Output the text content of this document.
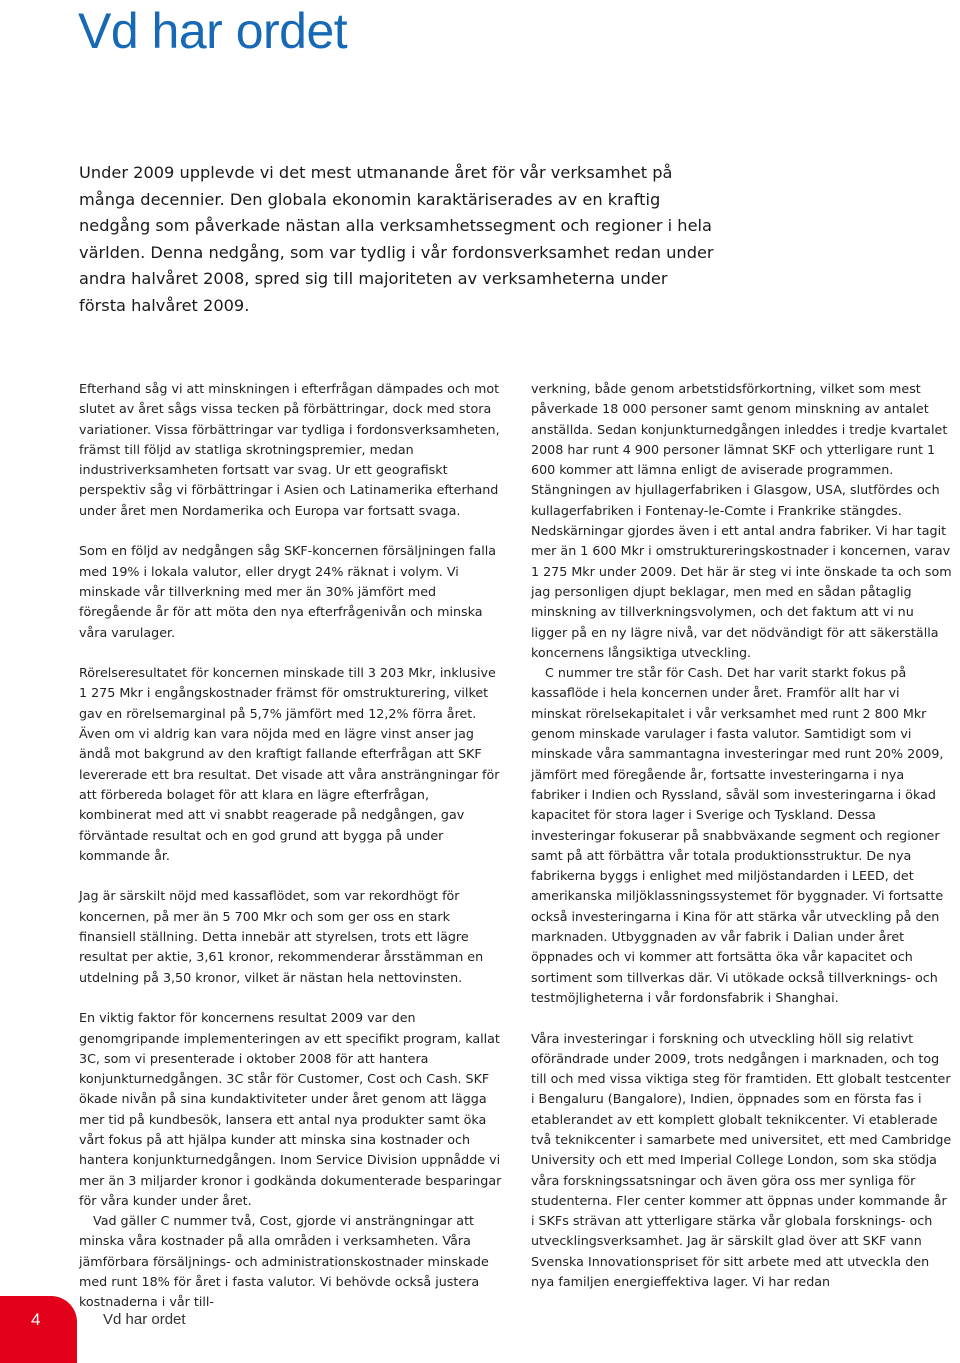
Vd har ordet

Under 2009 upplevde vi det mest utmanande året för vår verksamhet på många decennier. Den globala ekonomin karaktäriserades av en kraftig nedgång som påverkade nästan alla verksamhetssegment och regioner i hela världen. Denna nedgång, som var tydlig i vår fordonsverksamhet redan under andra halvåret 2008, spred sig till majoriteten av verksamheterna under första halvåret 2009.

Efterhand såg vi att minskningen i efterfrågan dämpades och mot slutet av året sågs vissa tecken på förbättringar, dock med stora variationer. Vissa förbättringar var tydliga i fordonsverksamheten, främst till följd av statliga skrotningspremier, medan industriverksamheten fortsatt var svag. Ur ett geografiskt perspektiv såg vi förbättringar i Asien och Latinamerika efterhand under året men Nordamerika och Europa var fortsatt svaga.

Som en följd av nedgången såg SKF-koncernen försäljningen falla med 19% i lokala valutor, eller drygt 24% räknat i volym. Vi minskade vår tillverkning med mer än 30% jämfört med föregående år för att möta den nya efterfrågenivån och minska våra varulager.

Rörelseresultatet för koncernen minskade till 3 203 Mkr, inklusive 1 275 Mkr i engångskostnader främst för omstrukturering, vilket gav en rörelsemarginal på 5,7% jämfört med 12,2% förra året. Även om vi aldrig kan vara nöjda med en lägre vinst anser jag ändå mot bakgrund av den kraftigt fallande efterfrågan att SKF levererade ett bra resultat. Det visade att våra ansträngningar för att förbereda bolaget för att klara en lägre efterfrågan, kombinerat med att vi snabbt reagerade på nedgången, gav förväntade resultat och en god grund att bygga på under kommande år.

Jag är särskilt nöjd med kassaflödet, som var rekordhögt för koncernen, på mer än 5 700 Mkr och som ger oss en stark finansiell ställning. Detta innebär att styrelsen, trots ett lägre resultat per aktie, 3,61 kronor, rekommenderar årsstämman en utdelning på 3,50 kronor, vilket är nästan hela nettovinsten.

En viktig faktor för koncernens resultat 2009 var den genomgripande implementeringen av ett specifikt program, kallat 3C, som vi presenterade i oktober 2008 för att hantera konjunkturnedgången. 3C står för Customer, Cost och Cash. SKF ökade nivån på sina kundaktiviteter under året genom att lägga mer tid på kundbesök, lansera ett antal nya produkter samt öka vårt fokus på att hjälpa kunder att minska sina kostnader och hantera konjunkturnedgången. Inom Service Division uppnådde vi mer än 3 miljarder kronor i godkända dokumenterade besparingar för våra kunder under året.

Vad gäller C nummer två, Cost, gjorde vi ansträngningar att minska våra kostnader på alla områden i verksamheten. Våra jämförbara försäljnings- och administrationskostnader minskade med runt 18% för året i fasta valutor. Vi behövde också justera kostnaderna i vår till-

verkning, både genom arbetstidsförkortning, vilket som mest påverkade 18 000 personer samt genom minskning av antalet anställda. Sedan konjunkturnedgången inleddes i tredje kvartalet 2008 har runt 4 900 personer lämnat SKF och ytterligare runt 1 600 kommer att lämna enligt de aviserade programmen. Stängningen av hjullagerfabriken i Glasgow, USA, slutfördes och kullagerfabriken i Fontenay-le-Comte i Frankrike stängdes. Nedskärningar gjordes även i ett antal andra fabriker. Vi har tagit mer än 1 600 Mkr i omstruktureringskostnader i koncernen, varav 1 275 Mkr under 2009. Det här är steg vi inte önskade ta och som jag personligen djupt beklagar, men med en sådan påtaglig minskning av tillverkningsvolymen, och det faktum att vi nu ligger på en ny lägre nivå, var det nödvändigt för att säkerställa koncernens långsiktiga utveckling.

C nummer tre står för Cash. Det har varit starkt fokus på kassaflöde i hela koncernen under året. Framför allt har vi minskat rörelsekapitalet i vår verksamhet med runt 2 800 Mkr genom minskade varulager i fasta valutor. Samtidigt som vi minskade våra sammantagna investeringar med runt 20% 2009, jämfört med föregående år, fortsatte investeringarna i nya fabriker i Indien och Ryssland, såväl som investeringarna i ökad kapacitet för stora lager i Sverige och Tyskland. Dessa investeringar fokuserar på snabbväxande segment och regioner samt på att förbättra vår totala produktionsstruktur. De nya fabrikerna byggs i enlighet med miljöstandarden i LEED, det amerikanska miljöklassningssystemet för byggnader. Vi fortsatte också investeringarna i Kina för att stärka vår utveckling på den marknaden. Utbyggnaden av vår fabrik i Dalian under året öppnades och vi kommer att fortsätta öka vår kapacitet och sortiment som tillverkas där. Vi utökade också tillverknings- och testmöjligheterna i vår fordonsfabrik i Shanghai.

Våra investeringar i forskning och utveckling höll sig relativt oförändrade under 2009, trots nedgången i marknaden, och tog till och med vissa viktiga steg för framtiden. Ett globalt testcenter i Bengaluru (Bangalore), Indien, öppnades som en första fas i etablerandet av ett komplett globalt teknikcenter. Vi etablerade två teknikcenter i samarbete med universitet, ett med Cambridge University och ett med Imperial College London, som ska stödja våra forskningssatsningar och även göra oss mer synliga för studenterna. Fler center kommer att öppnas under kommande år i SKFs strävan att ytterligare stärka vår globala forsknings- och utvecklingsverksamhet. Jag är särskilt glad över att SKF vann Svenska Innovationspriset för sitt arbete med att utveckla den nya familjen energieffektiva lager. Vi har redan

4	Vd har ordet
